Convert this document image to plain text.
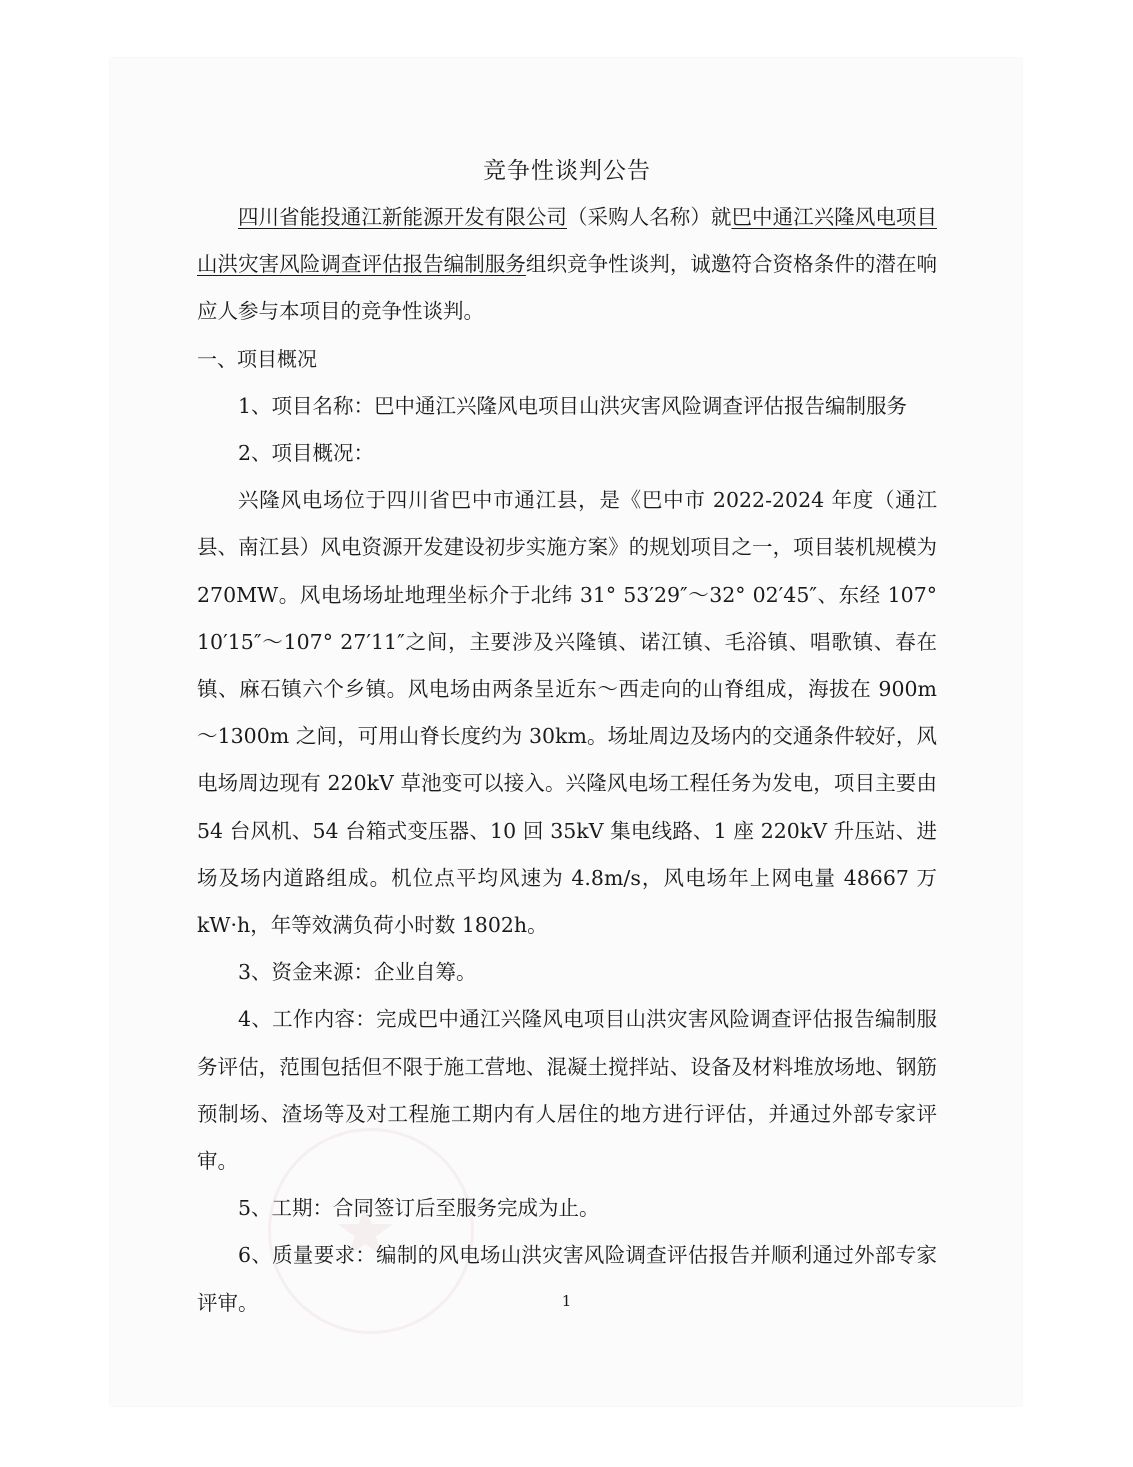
竞争性谈判公告

四川省能投通江新能源开发有限公司（采购人名称）就巴中通江兴隆风电项目山洪灾害风险调查评估报告编制服务组织竞争性谈判，诚邀符合资格条件的潜在响应人参与本项目的竞争性谈判。

一、项目概况

1、项目名称：巴中通江兴隆风电项目山洪灾害风险调查评估报告编制服务

2、项目概况：

兴隆风电场位于四川省巴中市通江县，是《巴中市 2022-2024 年度（通江县、南江县）风电资源开发建设初步实施方案》的规划项目之一，项目装机规模为 270MW。风电场场址地理坐标介于北纬 31° 53′29″～32° 02′45″、东经 107° 10′15″～107° 27′11″之间，主要涉及兴隆镇、诺江镇、毛浴镇、唱歌镇、春在镇、麻石镇六个乡镇。风电场由两条呈近东～西走向的山脊组成，海拔在 900m～1300m 之间，可用山脊长度约为 30km。场址周边及场内的交通条件较好，风电场周边现有 220kV 草池变可以接入。兴隆风电场工程任务为发电，项目主要由 54 台风机、54 台箱式变压器、10 回 35kV 集电线路、1 座 220kV 升压站、进场及场内道路组成。机位点平均风速为 4.8m/s，风电场年上网电量 48667 万 kW·h，年等效满负荷小时数 1802h。

3、资金来源：企业自筹。

4、工作内容：完成巴中通江兴隆风电项目山洪灾害风险调查评估报告编制服务评估，范围包括但不限于施工营地、混凝土搅拌站、设备及材料堆放场地、钢筋预制场、渣场等及对工程施工期内有人居住的地方进行评估，并通过外部专家评审。

5、工期：合同签订后至服务完成为止。

6、质量要求：编制的风电场山洪灾害风险调查评估报告并顺利通过外部专家评审。	1
